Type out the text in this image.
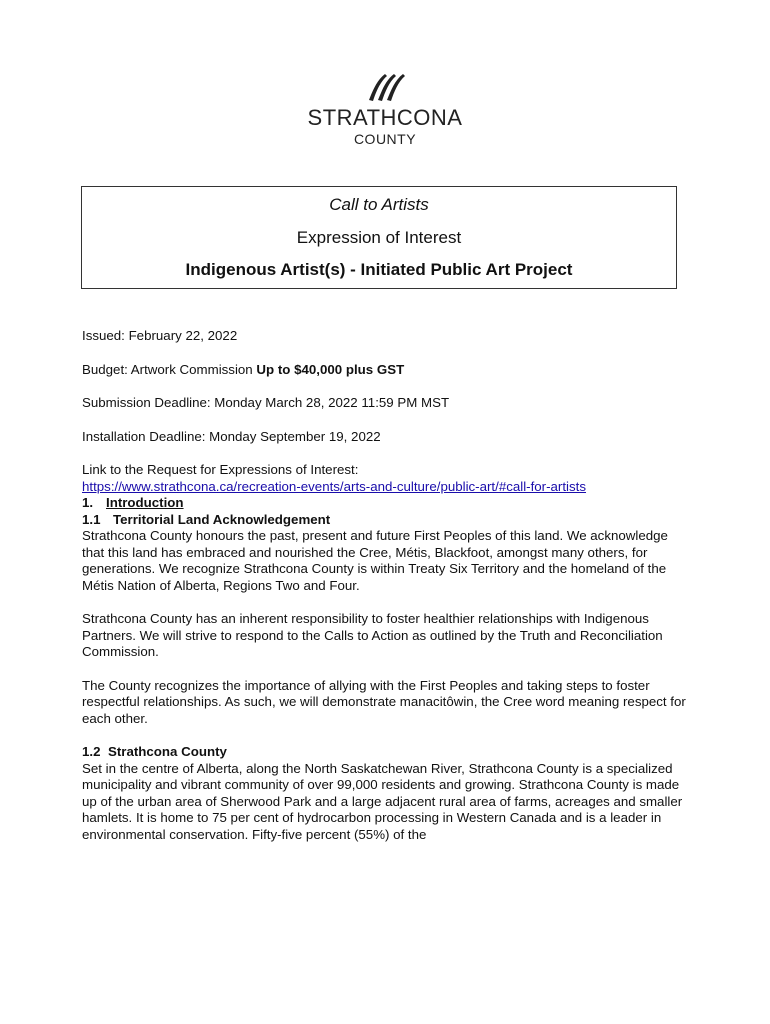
STRATHCONA
COUNTY
Call to Artists
Expression of Interest
Indigenous Artist(s) - Initiated Public Art Project

Issued: February 22, 2022

Budget: Artwork Commission Up to $40,000 plus GST

Submission Deadline: Monday March 28, 2022 11:59 PM MST

Installation Deadline: Monday September 19, 2022

Link to the Request for Expressions of Interest:

https://www.strathcona.ca/recreation-events/arts-and-culture/public-art/#call-for-artists

1. Introduction

1.1 Territorial Land Acknowledgement

Strathcona County honours the past, present and future First Peoples of this land. We acknowledge that this land has embraced and nourished the Cree, Métis, Blackfoot, amongst many others, for generations. We recognize Strathcona County is within Treaty Six Territory and the homeland of the Métis Nation of Alberta, Regions Two and Four.

Strathcona County has an inherent responsibility to foster healthier relationships with Indigenous Partners. We will strive to respond to the Calls to Action as outlined by the Truth and Reconciliation Commission.

The County recognizes the importance of allying with the First Peoples and taking steps to foster respectful relationships. As such, we will demonstrate manacitôwin, the Cree word meaning respect for each other.

1.2 Strathcona County

Set in the centre of Alberta, along the North Saskatchewan River, Strathcona County is a specialized municipality and vibrant community of over 99,000 residents and growing. Strathcona County is made up of the urban area of Sherwood Park and a large adjacent rural area of farms, acreages and smaller hamlets. It is home to 75 per cent of hydrocarbon processing in Western Canada and is a leader in environmental conservation. Fifty-five percent (55%) of the
